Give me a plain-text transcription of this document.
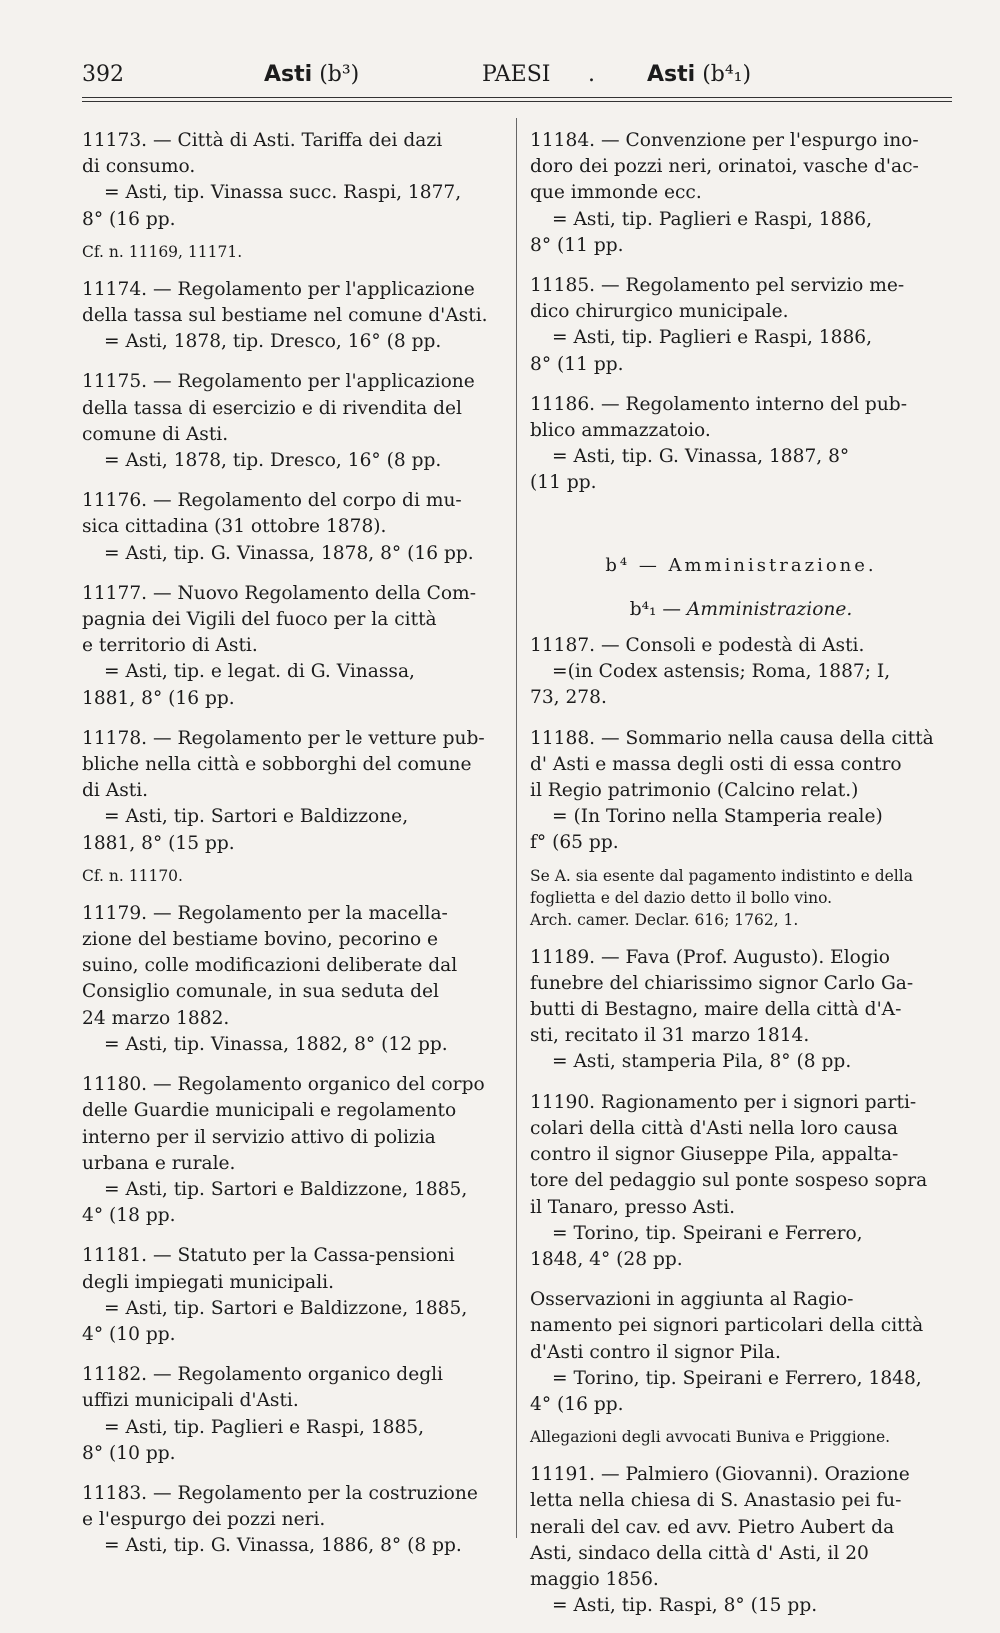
392	Asti (b³)	PAESI . Asti (b⁴₁)
11173. — Città di Asti. Tariffa dei dazi
di consumo.
= Asti, tip. Vinassa succ. Raspi, 1877,
8° (16 pp.
Cf. n. 11169, 11171.
11174. — Regolamento per l'applicazione
della tassa sul bestiame nel comune d'Asti.
= Asti, 1878, tip. Dresco, 16° (8 pp.
11175. — Regolamento per l'applicazione
della tassa di esercizio e di rivendita del
comune di Asti.
= Asti, 1878, tip. Dresco, 16° (8 pp.
11176. — Regolamento del corpo di mu-
sica cittadina (31 ottobre 1878).
= Asti, tip. G. Vinassa, 1878, 8° (16 pp.
11177. — Nuovo Regolamento della Com-
pagnia dei Vigili del fuoco per la città
e territorio di Asti.
= Asti, tip. e legat. di G. Vinassa,
1881, 8° (16 pp.
11178. — Regolamento per le vetture pub-
bliche nella città e sobborghi del comune
di Asti.
= Asti, tip. Sartori e Baldizzone,
1881, 8° (15 pp.
Cf. n. 11170.
11179. — Regolamento per la macella-
zione del bestiame bovino, pecorino e
suino, colle modificazioni deliberate dal
Consiglio comunale, in sua seduta del
24 marzo 1882.
= Asti, tip. Vinassa, 1882, 8° (12 pp.
11180. — Regolamento organico del corpo
delle Guardie municipali e regolamento
interno per il servizio attivo di polizia
urbana e rurale.
= Asti, tip. Sartori e Baldizzone, 1885,
4° (18 pp.
11181. — Statuto per la Cassa-pensioni
degli impiegati municipali.
= Asti, tip. Sartori e Baldizzone, 1885,
4° (10 pp.
11182. — Regolamento organico degli
uffizi municipali d'Asti.
= Asti, tip. Paglieri e Raspi, 1885,
8° (10 pp.
11183. — Regolamento per la costruzione
e l'espurgo dei pozzi neri.
= Asti, tip. G. Vinassa, 1886, 8° (8 pp.
11184. — Convenzione per l'espurgo ino-
doro dei pozzi neri, orinatoi, vasche d'ac-
que immonde ecc.
= Asti, tip. Paglieri e Raspi, 1886,
8° (11 pp.
11185. — Regolamento pel servizio me-
dico chirurgico municipale.
= Asti, tip. Paglieri e Raspi, 1886,
8° (11 pp.
11186. — Regolamento interno del pub-
blico ammazzatoio.
= Asti, tip. G. Vinassa, 1887, 8°
(11 pp.
b⁴ — Amministrazione.
b⁴₁ — Amministrazione.
11187. — Consoli e podestà di Asti.
=(in Codex astensis; Roma, 1887; I,
73, 278.
11188. — Sommario nella causa della città
d' Asti e massa degli osti di essa contro
il Regio patrimonio (Calcino relat.)
= (In Torino nella Stamperia reale)
f° (65 pp.
Se A. sia esente dal pagamento indistinto e della
foglietta e del dazio detto il bollo vino.
Arch. camer. Declar. 616; 1762, 1.
11189. — Fava (Prof. Augusto). Elogio
funebre del chiarissimo signor Carlo Ga-
butti di Bestagno, maire della città d'A-
sti, recitato il 31 marzo 1814.
= Asti, stamperia Pila, 8° (8 pp.
11190. Ragionamento per i signori parti-
colari della città d'Asti nella loro causa
contro il signor Giuseppe Pila, appalta-
tore del pedaggio sul ponte sospeso sopra
il Tanaro, presso Asti.
= Torino, tip. Speirani e Ferrero,
1848, 4° (28 pp.
Osservazioni in aggiunta al Ragio-
namento pei signori particolari della città
d'Asti contro il signor Pila.
= Torino, tip. Speirani e Ferrero, 1848,
4° (16 pp.
Allegazioni degli avvocati Buniva e Priggione.
11191. — Palmiero (Giovanni). Orazione
letta nella chiesa di S. Anastasio pei fu-
nerali del cav. ed avv. Pietro Aubert da
Asti, sindaco della città d' Asti, il 20
maggio 1856.
= Asti, tip. Raspi, 8° (15 pp.
